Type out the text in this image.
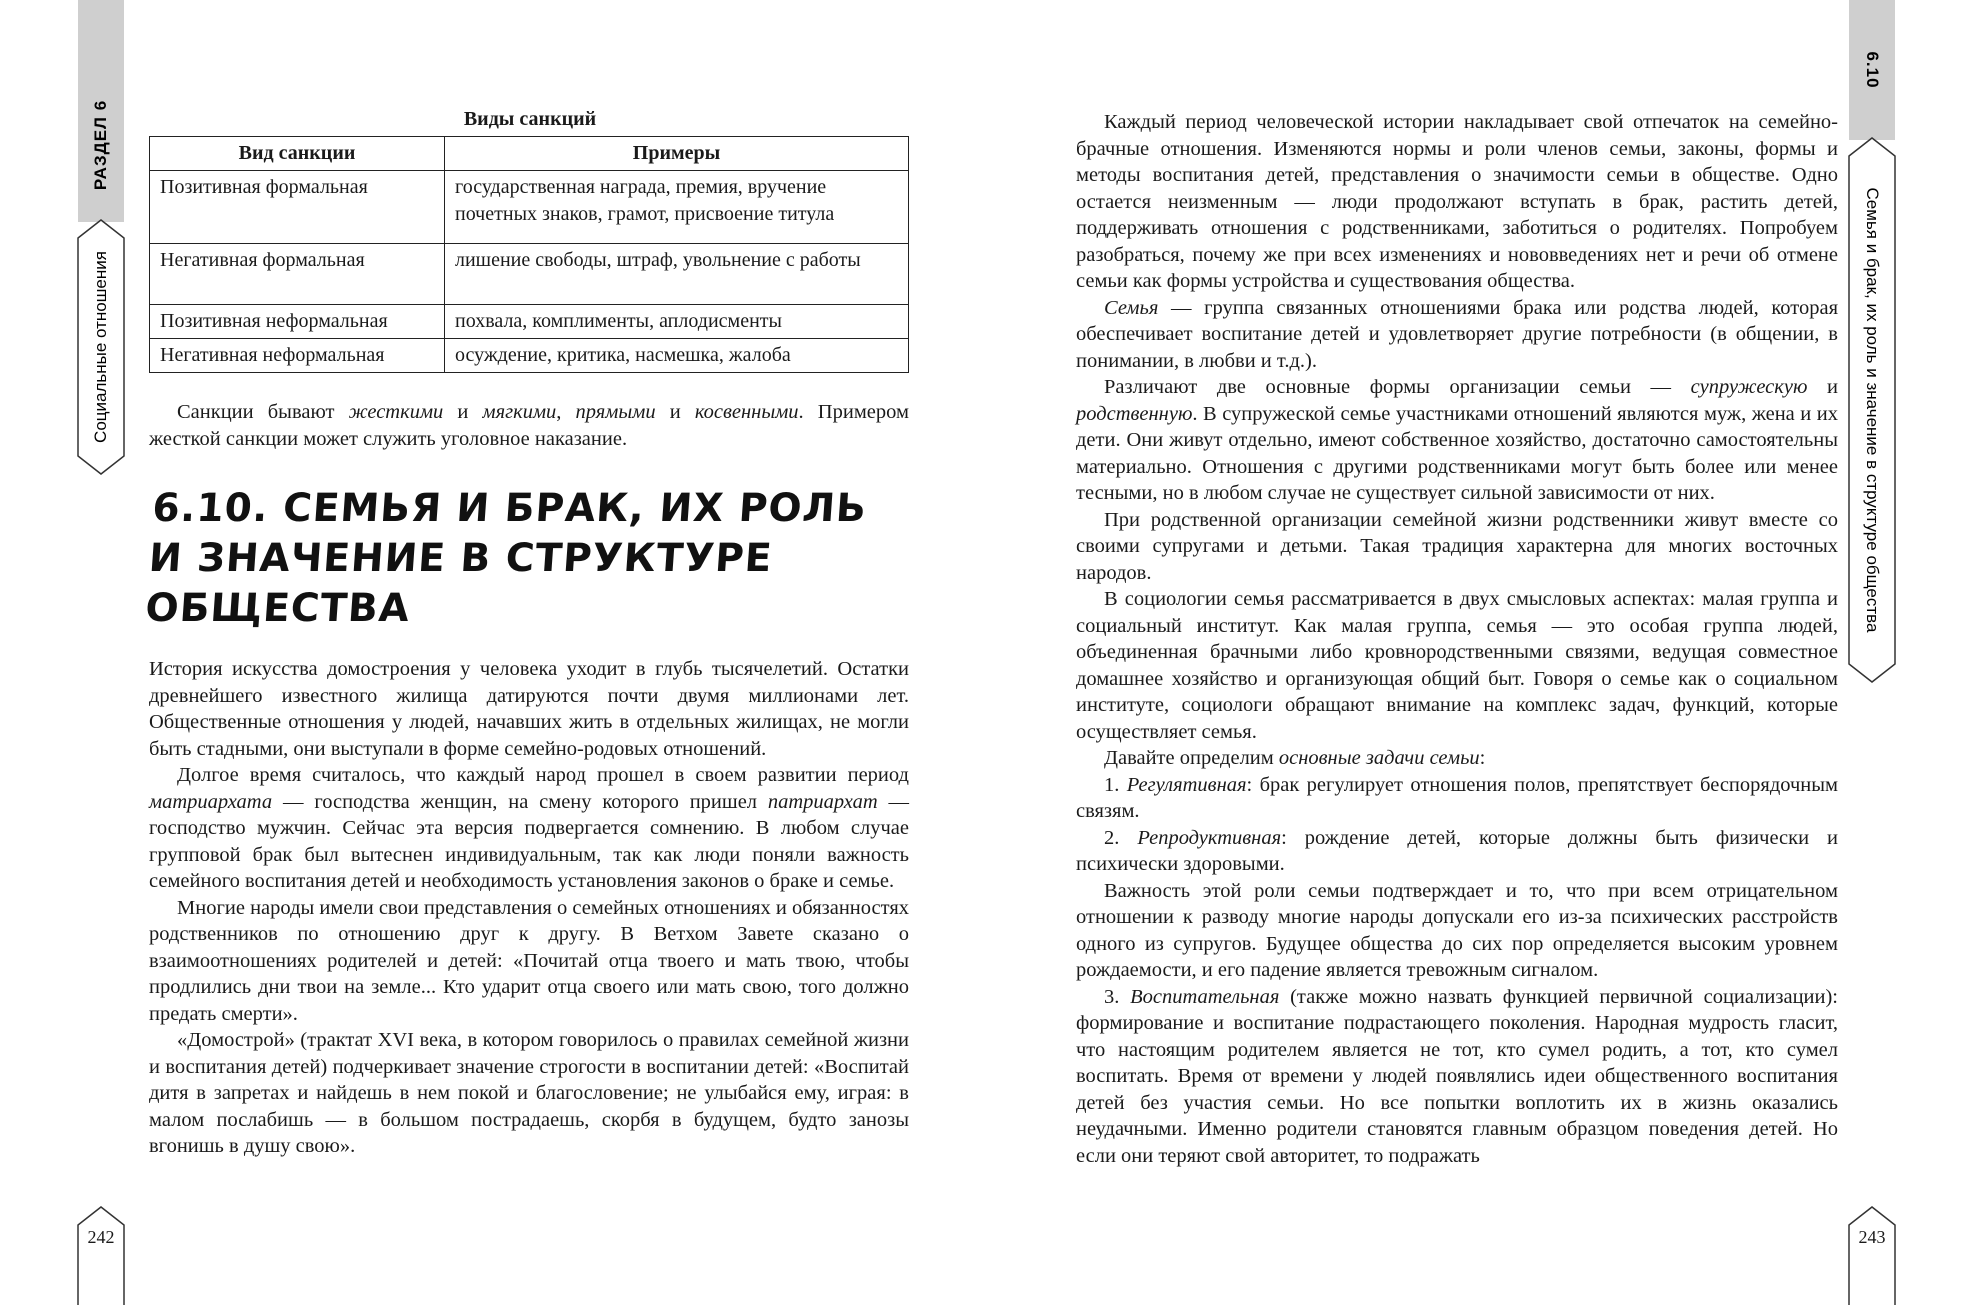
РАЗДЕЛ 6
Социальные отношения
242
6.10
Семья и брак, их роль и значение в структуре общества
243
Виды санкций
Вид санкции	Примеры
Позитивная формальная	государственная награда, премия, вручение почетных знаков, грамот, присвоение титула
Негативная формальная	лишение свободы, штраф, увольнение с работы
Позитивная неформальная	похвала, комплименты, аплодисменты
Негативная неформальная	осуждение, критика, насмешка, жалоба

Санкции бывают жесткими и мягкими, прямыми и косвенными. Примером жесткой санкции может служить уголовное наказание.

6.10. СЕМЬЯ И БРАК, ИХ РОЛЬ
И ЗНАЧЕНИЕ В СТРУКТУРЕ
ОБЩЕСТВА

История искусства домостроения у человека уходит в глубь тысячелетий. Остатки древнейшего известного жилища датируются почти двумя миллионами лет. Общественные отношения у людей, начавших жить в отдельных жилищах, не могли быть стадными, они выступали в форме семейно-родовых отношений.

Долгое время считалось, что каждый народ прошел в своем развитии период матриархата — господства женщин, на смену которого пришел патриархат — господство мужчин. Сейчас эта версия подвергается сомнению. В любом случае групповой брак был вытеснен индивидуальным, так как люди поняли важность семейного воспитания детей и необходимость установления законов о браке и семье.

Многие народы имели свои представления о семейных отношениях и обязанностях родственников по отношению друг к другу. В Ветхом Завете сказано о взаимоотношениях родителей и детей: «Почитай отца твоего и мать твою, чтобы продлились дни твои на земле... Кто ударит отца своего или мать свою, того должно предать смерти».

«Домострой» (трактат XVI века, в котором говорилось о правилах семейной жизни и воспитания детей) подчеркивает значение строгости в воспитании детей: «Воспитай дитя в запретах и найдешь в нем покой и благословение; не улыбайся ему, играя: в малом послабишь — в большом пострадаешь, скорбя в будущем, будто занозы вгонишь в душу свою».

Каждый период человеческой истории накладывает свой отпечаток на семейно-брачные отношения. Изменяются нормы и роли членов семьи, законы, формы и методы воспитания детей, представления о значимости семьи в обществе. Одно остается неизменным — люди продолжают вступать в брак, растить детей, поддерживать отношения с родственниками, заботиться о родителях. Попробуем разобраться, почему же при всех изменениях и нововведениях нет и речи об отмене семьи как формы устройства и существования общества.

Семья — группа связанных отношениями брака или родства людей, которая обеспечивает воспитание детей и удовлетворяет другие потребности (в общении, в понимании, в любви и т.д.).

Различают две основные формы организации семьи — супружескую и родственную. В супружеской семье участниками отношений являются муж, жена и их дети. Они живут отдельно, имеют собственное хозяйство, достаточно самостоятельны материально. Отношения с другими родственниками могут быть более или менее тесными, но в любом случае не существует сильной зависимости от них.

При родственной организации семейной жизни родственники живут вместе со своими супругами и детьми. Такая традиция характерна для многих восточных народов.

В социологии семья рассматривается в двух смысловых аспектах: малая группа и социальный институт. Как малая группа, семья — это особая группа людей, объединенная брачными либо кровнородственными связями, ведущая совместное домашнее хозяйство и организующая общий быт. Говоря о семье как о социальном институте, социологи обращают внимание на комплекс задач, функций, которые осуществляет семья.

Давайте определим основные задачи семьи:

1. Регулятивная: брак регулирует отношения полов, препятствует беспорядочным связям.

2. Репродуктивная: рождение детей, которые должны быть физически и психически здоровыми.

Важность этой роли семьи подтверждает и то, что при всем отрицательном отношении к разводу многие народы допускали его из-за психических расстройств одного из супругов. Будущее общества до сих пор определяется высоким уровнем рождаемости, и его падение является тревожным сигналом.

3. Воспитательная (также можно назвать функцией первичной социализации): формирование и воспитание подрастающего поколения. Народная мудрость гласит, что настоящим родителем является не тот, кто сумел родить, а тот, кто сумел воспитать. Время от времени у людей появлялись идеи общественного воспитания детей без участия семьи. Но все попытки воплотить их в жизнь оказались неудачными. Именно родители становятся главным образцом поведения детей. Но если они теряют свой авторитет, то подражать
